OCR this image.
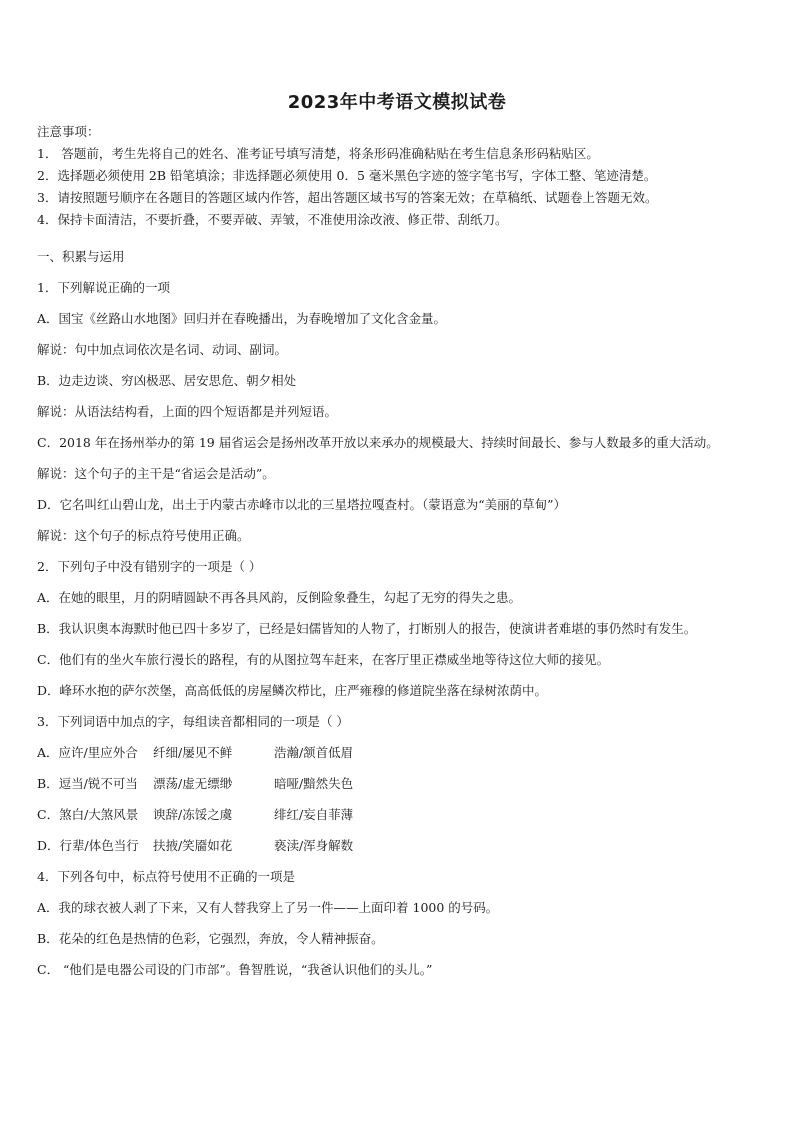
2023年中考语文模拟试卷
注意事项：
1． 答题前，考生先将自己的姓名、准考证号填写清楚，将条形码准确粘贴在考生信息条形码粘贴区。
2．选择题必须使用 2B 铅笔填涂；非选择题必须使用 0．5 毫米黑色字迹的签字笔书写，字体工整、笔迹清楚。
3．请按照题号顺序在各题目的答题区域内作答，超出答题区域书写的答案无效；在草稿纸、试题卷上答题无效。
4．保持卡面清洁，不要折叠，不要弄破、弄皱，不准使用涂改液、修正带、刮纸刀。
一、积累与运用
1．下列解说正确的一项
A．国宝《丝路山水地图》回归并在春晚播出，为春晚增加了文化含金量。
解说：句中加点词依次是名词、动词、副词。
B．边走边谈、穷凶极恶、居安思危、朝夕相处
解说：从语法结构看，上面的四个短语都是并列短语。
C．2018 年在扬州举办的第 19 届省运会是扬州改革开放以来承办的规模最大、持续时间最长、参与人数最多的重大活动。
解说：这个句子的主干是“省运会是活动”。
D．它名叫红山碧山龙，出土于内蒙古赤峰市以北的三星塔拉嘎查村。（蒙语意为“美丽的草甸”）
解说：这个句子的标点符号使用正确。
2．下列句子中没有错别字的一项是（ ）
A．在她的眼里，月的阴晴圆缺不再各具风韵，反倒险象叠生，勾起了无穷的得失之患。
B．我认识奥本海默时他已四十多岁了，已经是妇儒皆知的人物了，打断别人的报告，使演讲者难堪的事仍然时有发生。
C．他们有的坐火车旅行漫长的路程，有的从图拉驾车赶来，在客厅里正襟威坐地等待这位大师的接见。
D．峰环水抱的萨尔茨堡，高高低低的房屋鳞次栉比，庄严雍穆的修道院坐落在绿树浓荫中。
3．下列词语中加点的字，每组读音都相同的一项是（ ）
A．应许/里应外合 纤细/屡见不鲜	浩瀚/颔首低眉
B．逗当/锐不可当 漂荡/虚无缥缈	暗哑/黯然失色
C．煞白/大煞风景 谀辞/冻馁之虞	绯红/妄自菲薄
D．行辈/体色当行 扶掖/笑靥如花	亵渎/浑身解数
4．下列各句中，标点符号使用不正确的一项是
A．我的球衣被人剥了下来，又有人替我穿上了另一件——上面印着 1000 的号码。
B．花朵的红色是热情的色彩，它强烈，奔放，令人精神振奋。
C． “他们是电器公司设的门市部”。鲁智胜说，“我爸认识他们的头儿。”
